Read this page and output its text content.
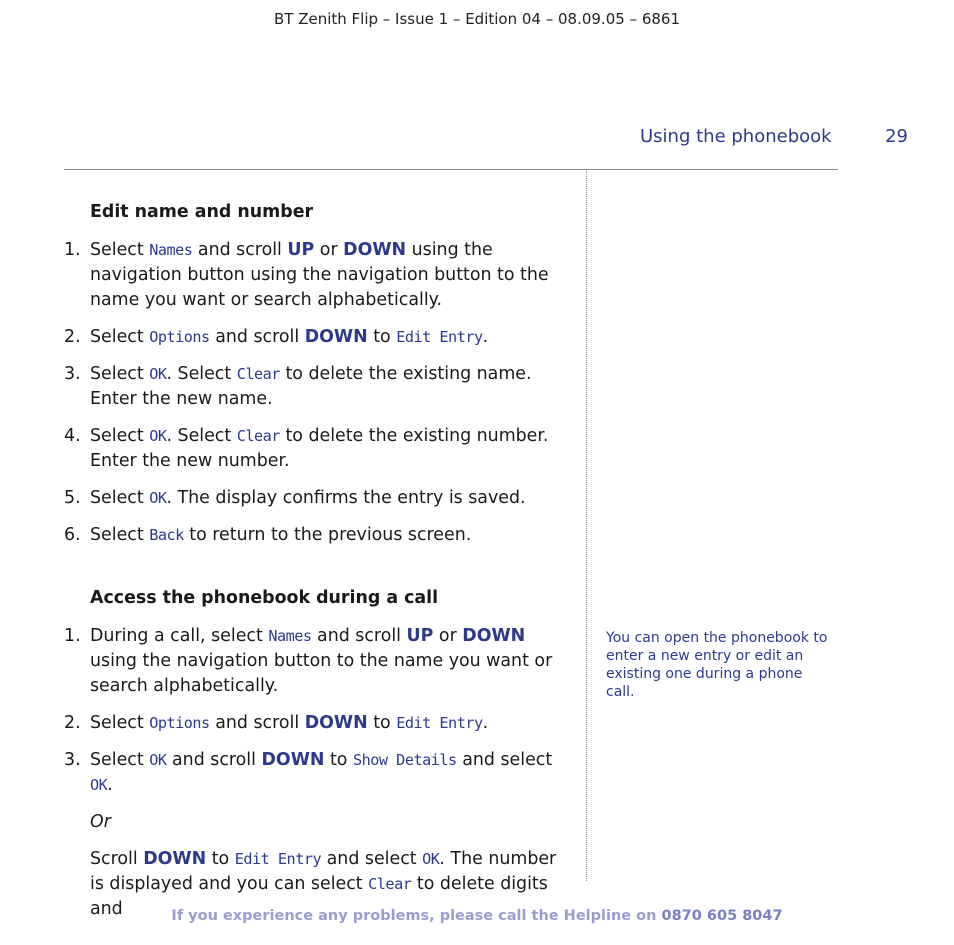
BT Zenith Flip – Issue 1 – Edition 04 – 08.09.05 – 6861
Using the phonebook	29
Edit name and number
1. Select Names and scroll UP or DOWN using the navigation button using the navigation button to the name you want or search alphabetically.
2. Select Options and scroll DOWN to Edit Entry.
3. Select OK. Select Clear to delete the existing name. Enter the new name.
4. Select OK. Select Clear to delete the existing number. Enter the new number.
5. Select OK. The display confirms the entry is saved.
6. Select Back to return to the previous screen.
Access the phonebook during a call
1. During a call, select Names and scroll UP or DOWN using the navigation button to the name you want or search alphabetically.
2. Select Options and scroll DOWN to Edit Entry.
3. Select OK and scroll DOWN to Show Details and select OK.
Or
Scroll DOWN to Edit Entry and select OK. The number is displayed and you can select Clear to delete digits and
You can open the phonebook to enter a new entry or edit an existing one during a phone call.
If you experience any problems, please call the Helpline on 0870 605 8047
